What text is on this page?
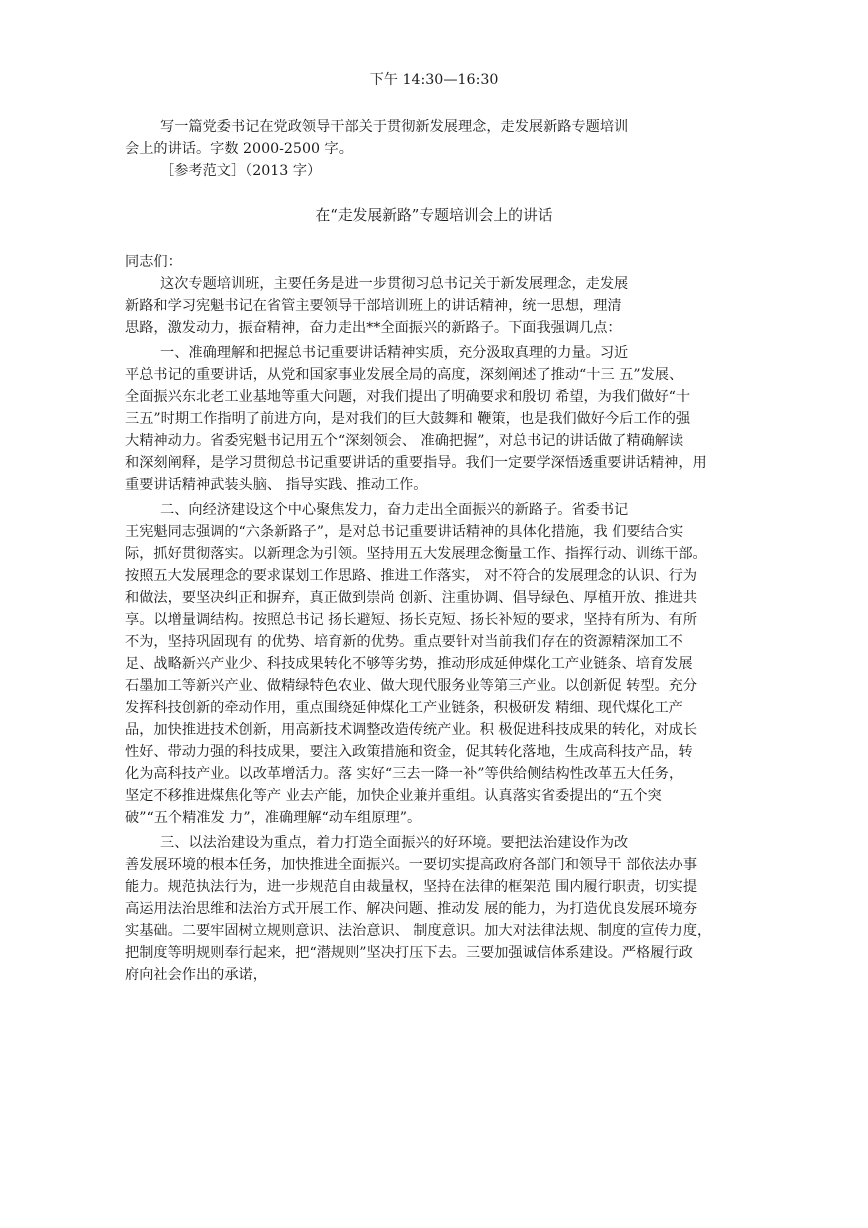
下午 14:30—16:30

写一篇党委书记在党政领导干部关于贯彻新发展理念，走发展新路专题培训

会上的讲话。字数 2000-2500 字。

［参考范文］（2013 字）

在“走发展新路”专题培训会上的讲话

同志们：

这次专题培训班，主要任务是进一步贯彻习总书记关于新发展理念，走发展

新路和学习宪魁书记在省管主要领导干部培训班上的讲话精神，统一思想，理清

思路，激发动力，振奋精神，奋力走出**全面振兴的新路子。下面我强调几点：

一、准确理解和把握总书记重要讲话精神实质，充分汲取真理的力量。习近

平总书记的重要讲话，从党和国家事业发展全局的高度，深刻阐述了推动“十三 五”发展、

全面振兴东北老工业基地等重大问题，对我们提出了明确要求和殷切 希望，为我们做好“十

三五”时期工作指明了前进方向，是对我们的巨大鼓舞和 鞭策，也是我们做好今后工作的强

大精神动力。省委宪魁书记用五个“深刻领会、 准确把握”，对总书记的讲话做了精确解读

和深刻阐释，是学习贯彻总书记重要讲话的重要指导。我们一定要学深悟透重要讲话精神，用

重要讲话精神武装头脑、 指导实践、推动工作。

二、向经济建设这个中心聚焦发力，奋力走出全面振兴的新路子。省委书记

王宪魁同志强调的“六条新路子”，是对总书记重要讲话精神的具体化措施，我 们要结合实

际，抓好贯彻落实。以新理念为引领。坚持用五大发展理念衡量工作、指挥行动、训练干部。

按照五大发展理念的要求谋划工作思路、推进工作落实， 对不符合的发展理念的认识、行为

和做法，要坚决纠正和摒弃，真正做到崇尚 创新、注重协调、倡导绿色、厚植开放、推进共

享。以增量调结构。按照总书记 扬长避短、扬长克短、扬长补短的要求，坚持有所为、有所

不为，坚持巩固现有 的优势、培育新的优势。重点要针对当前我们存在的资源精深加工不

足、战略新兴产业少、科技成果转化不够等劣势，推动形成延伸煤化工产业链条、培育发展

石墨加工等新兴产业、做精绿特色农业、做大现代服务业等第三产业。以创新促 转型。充分

发挥科技创新的牵动作用，重点围绕延伸煤化工产业链条，积极研发 精细、现代煤化工产

品，加快推进技术创新，用高新技术调整改造传统产业。积 极促进科技成果的转化，对成长

性好、带动力强的科技成果，要注入政策措施和资金，促其转化落地，生成高科技产品，转

化为高科技产业。以改革增活力。落 实好“三去一降一补”等供给侧结构性改革五大任务，

坚定不移推进煤焦化等产 业去产能，加快企业兼并重组。认真落实省委提出的“五个突

破”“五个精准发 力”，准确理解“动车组原理”。

三、以法治建设为重点，着力打造全面振兴的好环境。要把法治建设作为改

善发展环境的根本任务，加快推进全面振兴。一要切实提高政府各部门和领导干 部依法办事

能力。规范执法行为，进一步规范自由裁量权，坚持在法律的框架范 围内履行职责，切实提

高运用法治思维和法治方式开展工作、解决问题、推动发 展的能力，为打造优良发展环境夯

实基础。二要牢固树立规则意识、法治意识、 制度意识。加大对法律法规、制度的宣传力度，

把制度等明规则奉行起来，把“潜规则”坚决打压下去。三要加强诚信体系建设。严格履行政

府向社会作出的承诺，
